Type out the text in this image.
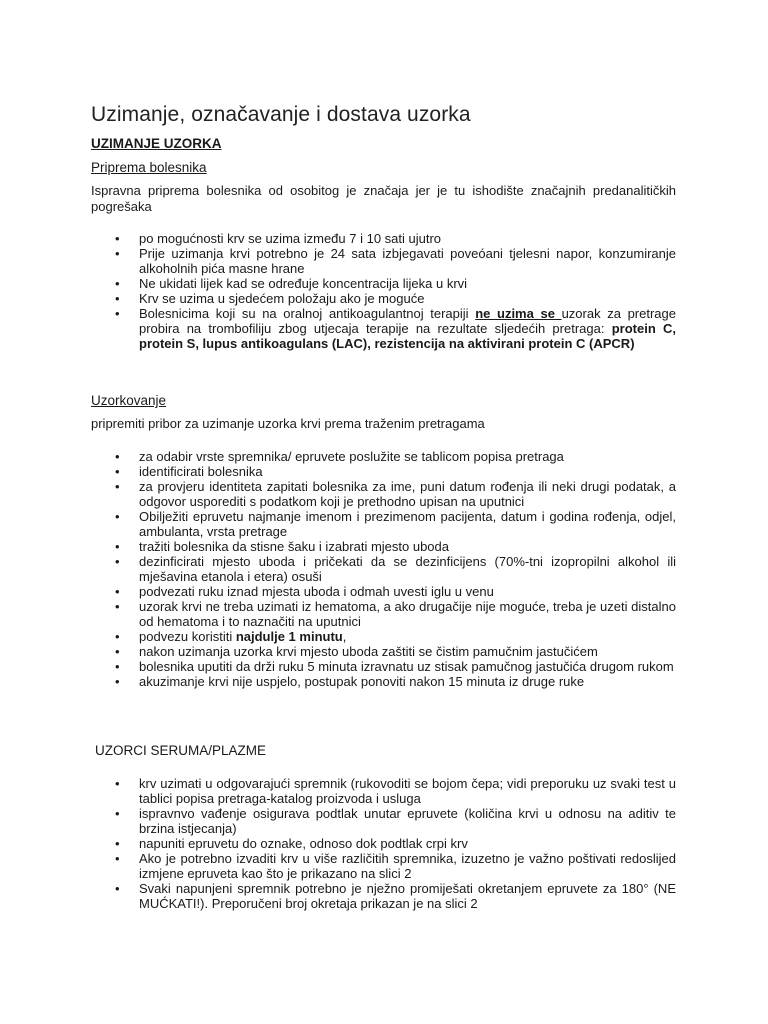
Uzimanje, označavanje i dostava uzorka
UZIMANJE UZORKA
Priprema bolesnika

Ispravna priprema bolesnika od osobitog je značaja jer je tu ishodište značajnih predanalitičkih pogrešaka

• po mogućnosti krv se uzima između 7 i 10 sati ujutro
• Prije uzimanja krvi potrebno je 24 sata izbjegavati poveóani tjelesni napor, konzumiranje alkoholnih pića masne hrane
• Ne ukidati lijek kad se određuje koncentracija lijeka u krvi
• Krv se uzima u sjedećem položaju ako je moguće
• Bolesnicima koji su na oralnoj antikoagulantnoj terapiji ne uzima se uzorak za pretrage probira na trombofiliju zbog utjecaja terapije na rezultate sljedećih pretraga: protein C, protein S, lupus antikoagulans (LAC), rezistencija na aktivirani protein C (APCR)
Uzorkovanje

pripremiti pribor za uzimanje uzorka krvi prema traženim pretragama

• za odabir vrste spremnika/ epruvete poslužite se tablicom popisa pretraga
• identificirati bolesnika
• za provjeru identiteta zapitati bolesnika za ime, puni datum rođenja ili neki drugi podatak, a odgovor usporediti s podatkom koji je prethodno upisan na uputnici
• Obilježiti epruvetu najmanje imenom i prezimenom pacijenta, datum i godina rođenja, odjel, ambulanta, vrsta pretrage
• tražiti bolesnika da stisne šaku i izabrati mjesto uboda
• dezinficirati mjesto uboda i pričekati da se dezinficijens (70%-tni izopropilni alkohol ili mješavina etanola i etera) osuši
• podvezati ruku iznad mjesta uboda i odmah uvesti iglu u venu
• uzorak krvi ne treba uzimati iz hematoma, a ako drugačije nije moguće, treba je uzeti distalno od hematoma i to naznačiti na uputnici
• podvezu koristiti najdulje 1 minutu,
• nakon uzimanja uzorka krvi mjesto uboda zaštiti se čistim pamučnim jastučićem
• bolesnika uputiti da drži ruku 5 minuta izravnatu uz stisak pamučnog jastučića drugom rukom
• akuzimanje krvi nije uspjelo, postupak ponoviti nakon 15 minuta iz druge ruke
UZORCI SERUMA/PLAZME
• krv uzimati u odgovarajući spremnik (rukovoditi se bojom čepa; vidi preporuku uz svaki test u tablici popisa pretraga-katalog proizvoda i usluga
• ispravnvo vađenje osigurava podtlak unutar epruvete (količina krvi u odnosu na aditiv te brzina istjecanja)
• napuniti epruvetu do oznake, odnoso dok podtlak crpi krv
• Ako je potrebno izvaditi krv u više različitih spremnika, izuzetno je važno poštivati redoslijed izmjene epruveta kao što je prikazano na slici 2
• Svaki napunjeni spremnik potrebno je nježno promiješati okretanjem epruvete za 180° (NE MUĆKATI!). Preporučeni broj okretaja prikazan je na slici 2
